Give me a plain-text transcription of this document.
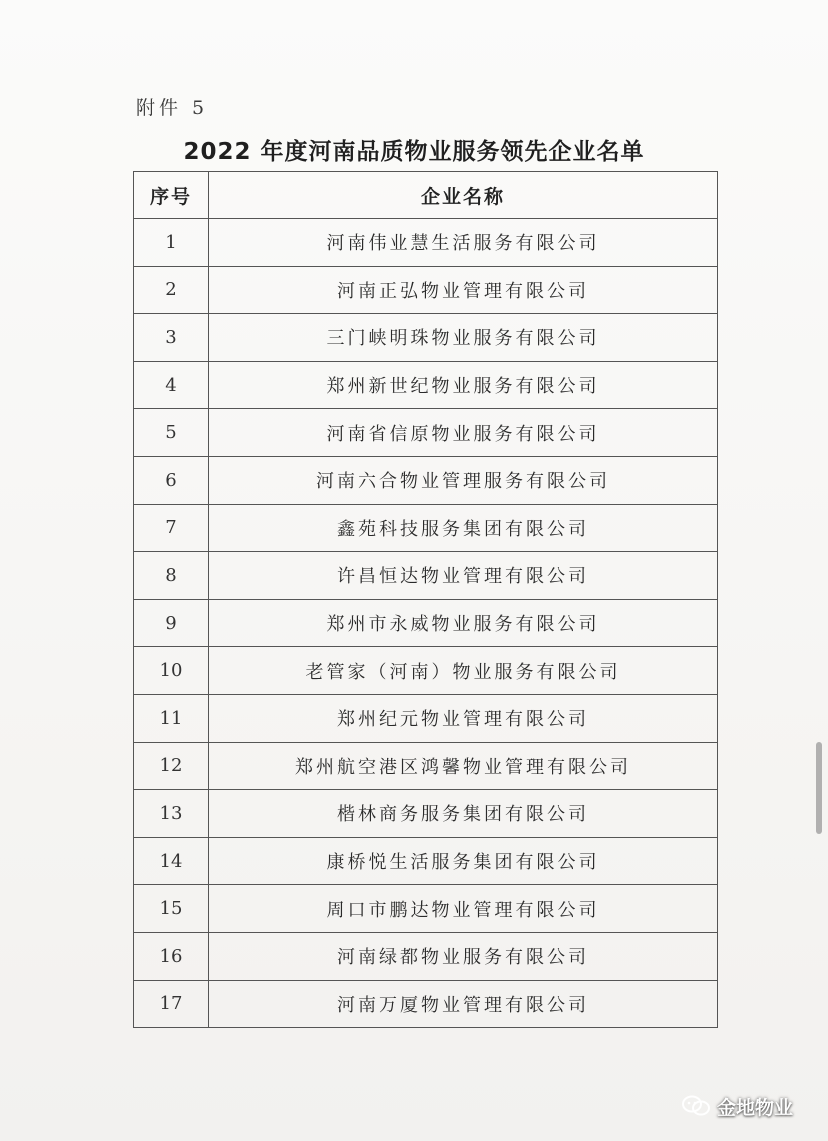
附件 5
2022 年度河南品质物业服务领先企业名单
序号	企业名称
1	河南伟业慧生活服务有限公司
2	河南正弘物业管理有限公司
3	三门峡明珠物业服务有限公司
4	郑州新世纪物业服务有限公司
5	河南省信原物业服务有限公司
6	河南六合物业管理服务有限公司
7	鑫苑科技服务集团有限公司
8	许昌恒达物业管理有限公司
9	郑州市永威物业服务有限公司
10	老管家（河南）物业服务有限公司
11	郑州纪元物业管理有限公司
12	郑州航空港区鸿馨物业管理有限公司
13	楷林商务服务集团有限公司
14	康桥悦生活服务集团有限公司
15	周口市鹏达物业管理有限公司
16	河南绿都物业服务有限公司
17	河南万厦物业管理有限公司
金地物业
